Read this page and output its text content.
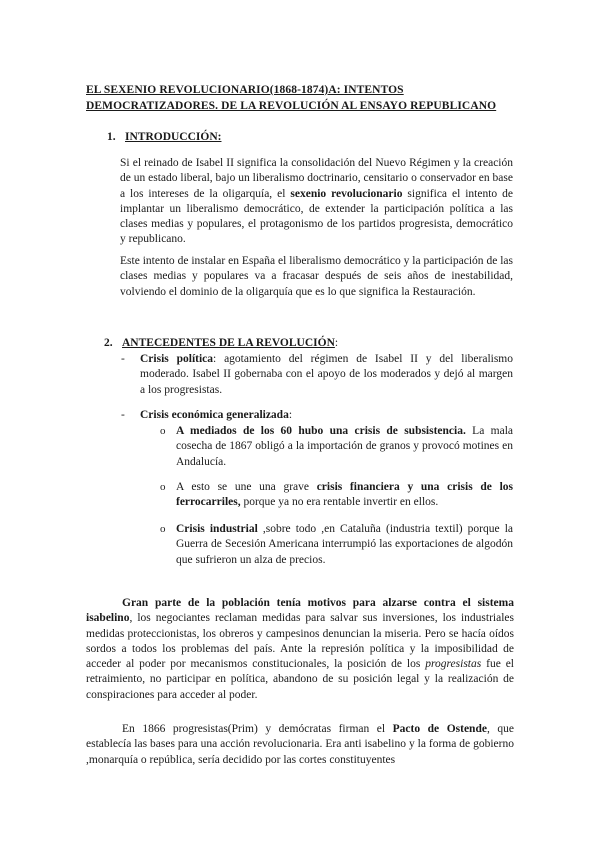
EL SEXENIO REVOLUCIONARIO(1868-1874)A: INTENTOS DEMOCRATIZADORES. DE LA REVOLUCIÓN AL ENSAYO REPUBLICANO
1. INTRODUCCIÓN:
Si el reinado de Isabel II significa la consolidación del Nuevo Régimen y la creación de un estado liberal, bajo un liberalismo doctrinario, censitario o conservador en base a los intereses de la oligarquía, el sexenio revolucionario significa el intento de implantar un liberalismo democrático, de extender la participación política a las clases medias y populares, el protagonismo de los partidos progresista, democrático y republicano.
Este intento de instalar en España el liberalismo democrático y la participación de las clases medias y populares va a fracasar después de seis años de inestabilidad, volviendo el dominio de la oligarquía que es lo que significa la Restauración.
2. ANTECEDENTES DE LA REVOLUCIÓN:
- Crisis política: agotamiento del régimen de Isabel II y del liberalismo moderado. Isabel II gobernaba con el apoyo de los moderados y dejó al margen a los progresistas.
- Crisis económica generalizada:
o A mediados de los 60 hubo una crisis de subsistencia. La mala cosecha de 1867 obligó a la importación de granos y provocó motines en Andalucía.
o A esto se une una grave crisis financiera y una crisis de los ferrocarriles, porque ya no era rentable invertir en ellos.
o Crisis industrial ,sobre todo ,en Cataluña (industria textil) porque la Guerra de Secesión Americana interrumpió las exportaciones de algodón que sufrieron un alza de precios.
Gran parte de la población tenía motivos para alzarse contra el sistema isabelino, los negociantes reclaman medidas para salvar sus inversiones, los industriales medidas proteccionistas, los obreros y campesinos denuncian la miseria. Pero se hacía oídos sordos a todos los problemas del país. Ante la represión política y la imposibilidad de acceder al poder por mecanismos constitucionales, la posición de los progresistas fue el retraimiento, no participar en política, abandono de su posición legal y la realización de conspiraciones para acceder al poder.
En 1866 progresistas(Prim) y demócratas firman el Pacto de Ostende, que establecía las bases para una acción revolucionaria. Era anti isabelino y la forma de gobierno ,monarquía o república, sería decidido por las cortes constituyentes
